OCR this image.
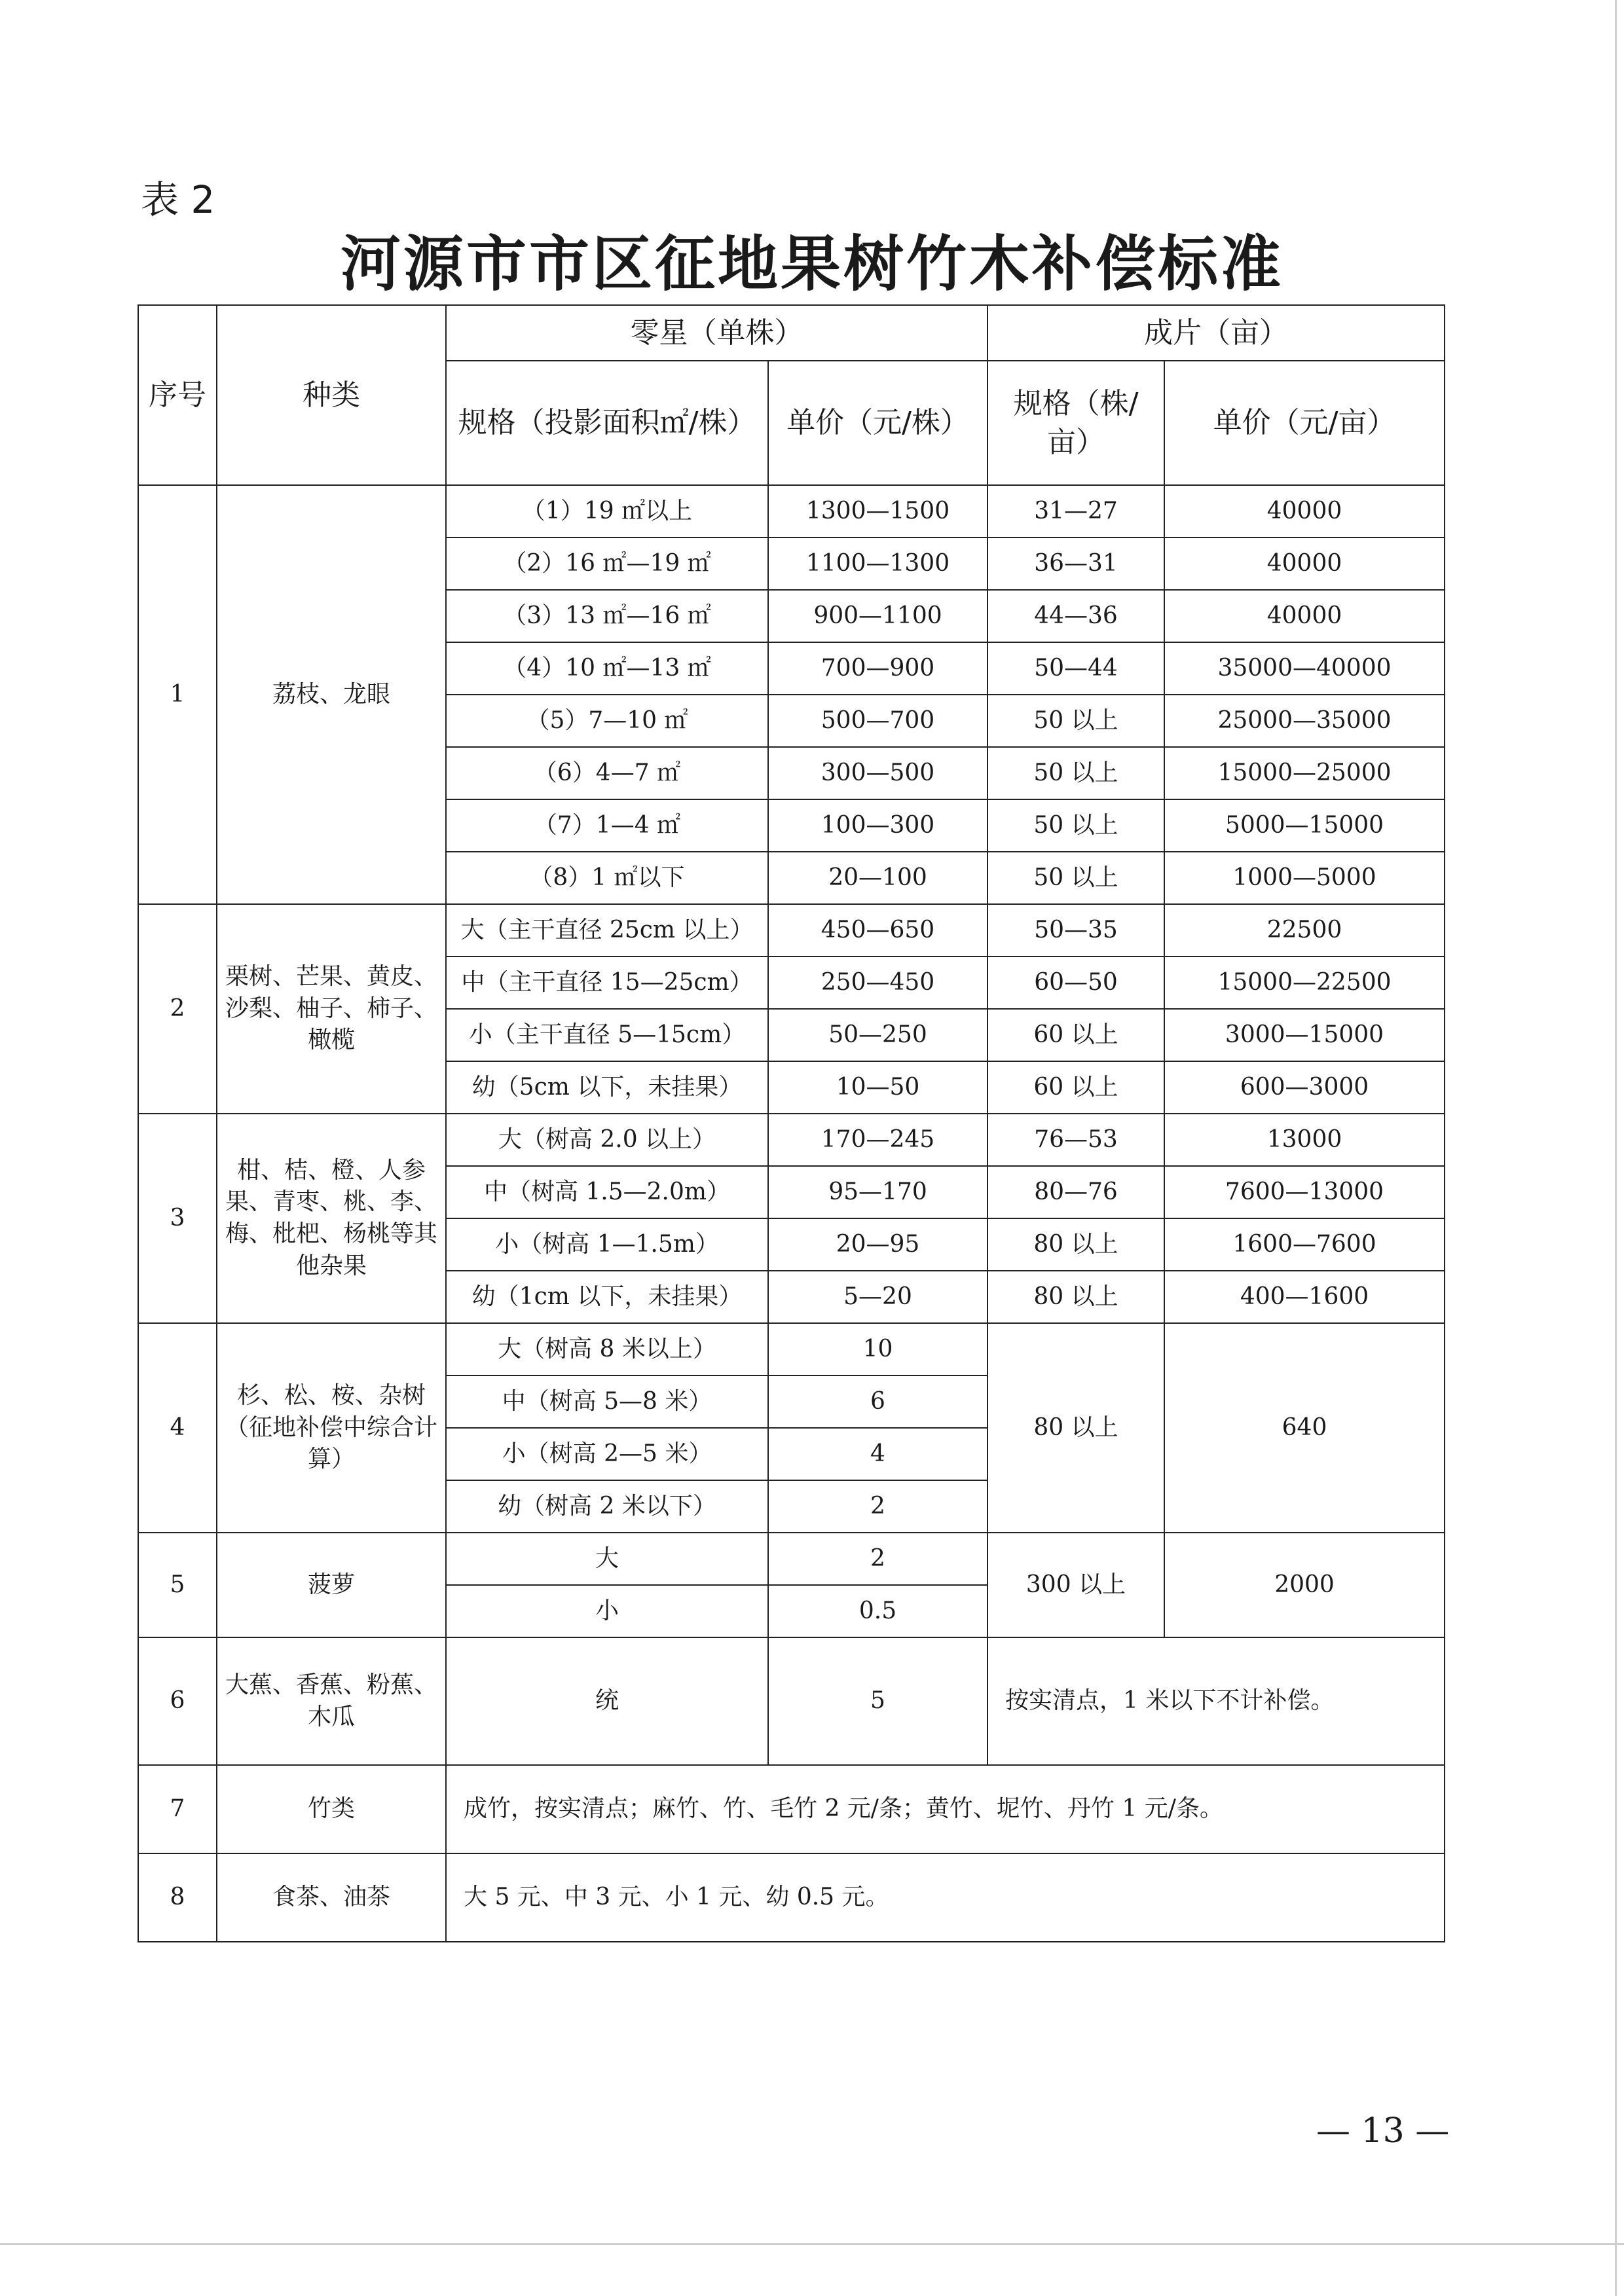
表 2
河源市市区征地果树竹木补偿标准
序号	种类	零星（单株）		成片（亩）	
		规格（投影面积㎡/株）	单价（元/株）	规格（株/亩）	单价（元/亩）
1	荔枝、龙眼	（1）19 ㎡以上	1300—1500	31—27	40000
		（2）16 ㎡—19 ㎡	1100—1300	36—31	40000
		（3）13 ㎡—16 ㎡	900—1100	44—36	40000
		（4）10 ㎡—13 ㎡	700—900	50—44	35000—40000
		（5）7—10 ㎡	500—700	50 以上	25000—35000
		（6）4—7 ㎡	300—500	50 以上	15000—25000
		（7）1—4 ㎡	100—300	50 以上	5000—15000
		（8）1 ㎡以下	20—100	50 以上	1000—5000
2	栗树、芒果、黄皮、沙梨、柚子、柿子、橄榄	大（主干直径 25cm 以上）	450—650	50—35	22500
		中（主干直径 15—25cm）	250—450	60—50	15000—22500
		小（主干直径 5—15cm）	50—250	60 以上	3000—15000
		幼（5cm 以下，未挂果）	10—50	60 以上	600—3000
3	柑、桔、橙、人参果、青枣、桃、李、梅、枇杷、杨桃等其他杂果	大（树高 2.0 以上）	170—245	76—53	13000
		中（树高 1.5—2.0m）	95—170	80—76	7600—13000
		小（树高 1—1.5m）	20—95	80 以上	1600—7600
		幼（1cm 以下，未挂果）	5—20	80 以上	400—1600
4	杉、松、桉、杂树（征地补偿中综合计算）	大（树高 8 米以上）	10	80 以上	640
		中（树高 5—8 米）	6		
		小（树高 2—5 米）	4		
		幼（树高 2 米以下）	2		
5	菠萝	大	2	300 以上	2000
		小	0.5		
6	大蕉、香蕉、粉蕉、木瓜	统	5	按实清点，1 米以下不计补偿。	
7	竹类	成竹，按实清点；麻竹、竹、毛竹 2 元/条；黄竹、坭竹、丹竹 1 元/条。			
8	食茶、油茶	大 5 元、中 3 元、小 1 元、幼 0.5 元。			
— 13 —
